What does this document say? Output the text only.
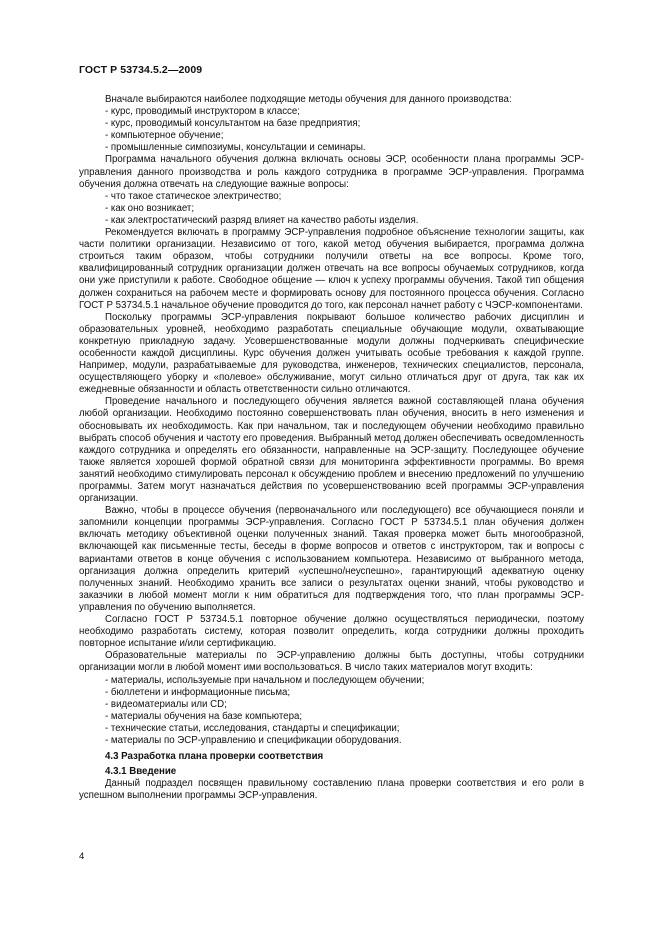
ГОСТ Р 53734.5.2—2009

Вначале выбираются наиболее подходящие методы обучения для данного производства:

- курс, проводимый инструктором в классе;

- курс, проводимый консультантом на базе предприятия;

- компьютерное обучение;

- промышленные симпозиумы, консультации и семинары.

Программа начального обучения должна включать основы ЭСР, особенности плана программы ЭСР-управления данного производства и роль каждого сотрудника в программе ЭСР-управления. Программа обучения должна отвечать на следующие важные вопросы:

- что такое статическое электричество;

- как оно возникает;

- как электростатический разряд влияет на качество работы изделия.

Рекомендуется включать в программу ЭСР-управления подробное объяснение технологии защиты, как части политики организации. Независимо от того, какой метод обучения выбирается, программа должна строиться таким образом, чтобы сотрудники получили ответы на все вопросы. Кроме того, квалифицированный сотрудник организации должен отвечать на все вопросы обучаемых сотрудников, когда они уже приступили к работе. Свободное общение — ключ к успеху программы обучения. Такой тип общения должен сохраниться на рабочем месте и формировать основу для постоянного процесса обучения. Согласно ГОСТ Р 53734.5.1 начальное обучение проводится до того, как персонал начнет работу с ЧЭСР-компонентами.

Поскольку программы ЭСР-управления покрывают большое количество рабочих дисциплин и образовательных уровней, необходимо разработать специальные обучающие модули, охватывающие конкретную прикладную задачу. Усовершенствованные модули должны подчеркивать специфические особенности каждой дисциплины. Курс обучения должен учитывать особые требования к каждой группе. Например, модули, разрабатываемые для руководства, инженеров, технических специалистов, персонала, осуществляющего уборку и «полевое» обслуживание, могут сильно отличаться друг от друга, так как их ежедневные обязанности и область ответственности сильно отличаются.

Проведение начального и последующего обучения является важной составляющей плана обучения любой организации. Необходимо постоянно совершенствовать план обучения, вносить в него изменения и обосновывать их необходимость. Как при начальном, так и последующем обучении необходимо правильно выбрать способ обучения и частоту его проведения. Выбранный метод должен обеспечивать осведомленность каждого сотрудника и определять его обязанности, направленные на ЭСР-защиту. Последующее обучение также является хорошей формой обратной связи для мониторинга эффективности программы. Во время занятий необходимо стимулировать персонал к обсуждению проблем и внесению предложений по улучшению программы. Затем могут назначаться действия по усовершенствованию всей программы ЭСР-управления организации.

Важно, чтобы в процессе обучения (первоначального или последующего) все обучающиеся поняли и запомнили концепции программы ЭСР-управления. Согласно ГОСТ Р 53734.5.1 план обучения должен включать методику объективной оценки полученных знаний. Такая проверка может быть многообразной, включающей как письменные тесты, беседы в форме вопросов и ответов с инструктором, так и вопросы с вариантами ответов в конце обучения с использованием компьютера. Независимо от выбранного метода, организация должна определить критерий «успешно/неуспешно», гарантирующий адекватную оценку полученных знаний. Необходимо хранить все записи о результатах оценки знаний, чтобы руководство и заказчики в любой момент могли к ним обратиться для подтверждения того, что план программы ЭСР-управления по обучению выполняется.

Согласно ГОСТ Р 53734.5.1 повторное обучение должно осуществляться периодически, поэтому необходимо разработать систему, которая позволит определить, когда сотрудники должны проходить повторное испытание и/или сертификацию.

Образовательные материалы по ЭСР-управлению должны быть доступны, чтобы сотрудники организации могли в любой момент ими воспользоваться. В число таких материалов могут входить:

- материалы, используемые при начальном и последующем обучении;

- бюллетени и информационные письма;

- видеоматериалы или CD;

- материалы обучения на базе компьютера;

- технические статьи, исследования, стандарты и спецификации;

- материалы по ЭСР-управлению и спецификации оборудования.

4.3 Разработка плана проверки соответствия

4.3.1 Введение

Данный подраздел посвящен правильному составлению плана проверки соответствия и его роли в успешном выполнении программы ЭСР-управления.

4
